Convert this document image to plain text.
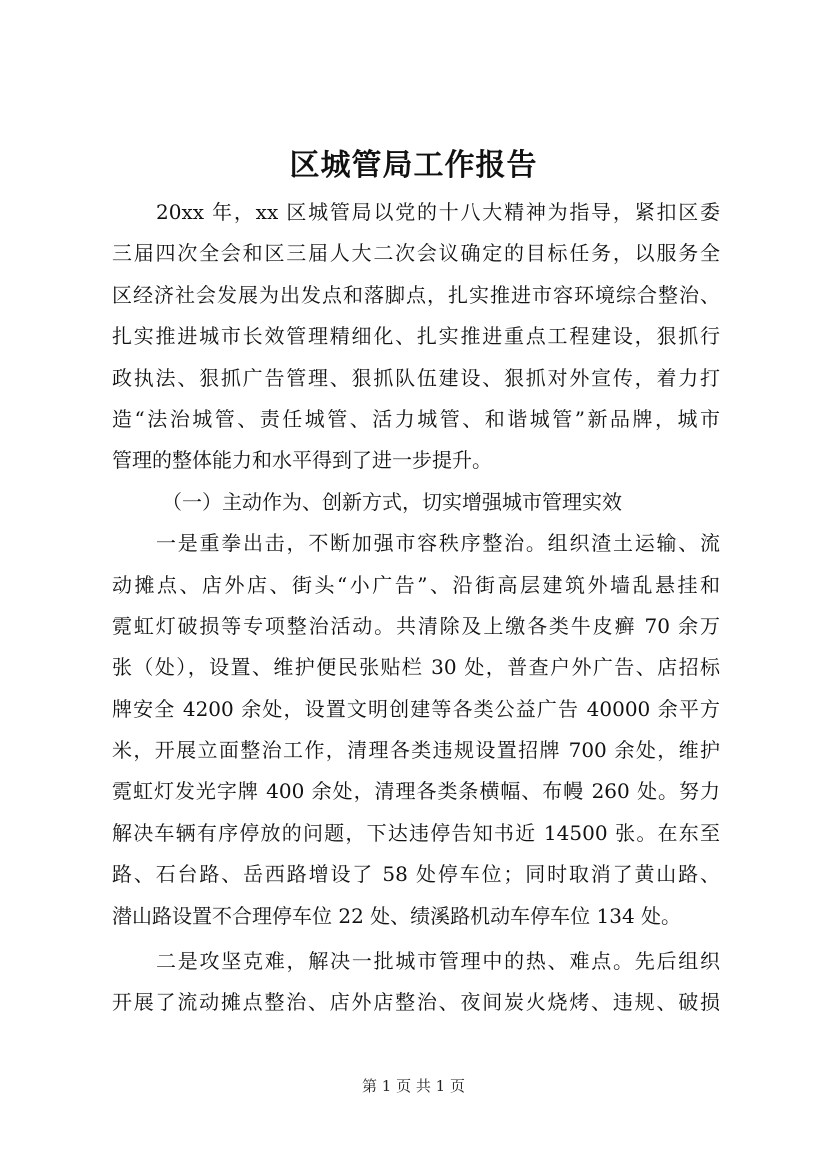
区城管局工作报告
20xx 年，xx 区城管局以党的十八大精神为指导，紧扣区委
三届四次全会和区三届人大二次会议确定的目标任务，以服务全
区经济社会发展为出发点和落脚点，扎实推进市容环境综合整治、
扎实推进城市长效管理精细化、扎实推进重点工程建设，狠抓行
政执法、狠抓广告管理、狠抓队伍建设、狠抓对外宣传，着力打
造“法治城管、责任城管、活力城管、和谐城管”新品牌，城市
管理的整体能力和水平得到了进一步提升。
（一）主动作为、创新方式，切实增强城市管理实效
一是重拳出击，不断加强市容秩序整治。组织渣土运输、流
动摊点、店外店、街头“小广告”、沿街高层建筑外墙乱悬挂和
霓虹灯破损等专项整治活动。共清除及上缴各类牛皮癣 70 余万
张（处），设置、维护便民张贴栏 30 处，普查户外广告、店招标
牌安全 4200 余处，设置文明创建等各类公益广告 40000 余平方
米，开展立面整治工作，清理各类违规设置招牌 700 余处，维护
霓虹灯发光字牌 400 余处，清理各类条横幅、布幔 260 处。努力
解决车辆有序停放的问题，下达违停告知书近 14500 张。在东至
路、石台路、岳西路增设了 58 处停车位；同时取消了黄山路、
潜山路设置不合理停车位 22 处、绩溪路机动车停车位 134 处。
二是攻坚克难，解决一批城市管理中的热、难点。先后组织
开展了流动摊点整治、店外店整治、夜间炭火烧烤、违规、破损
第 1 页 共 1 页
